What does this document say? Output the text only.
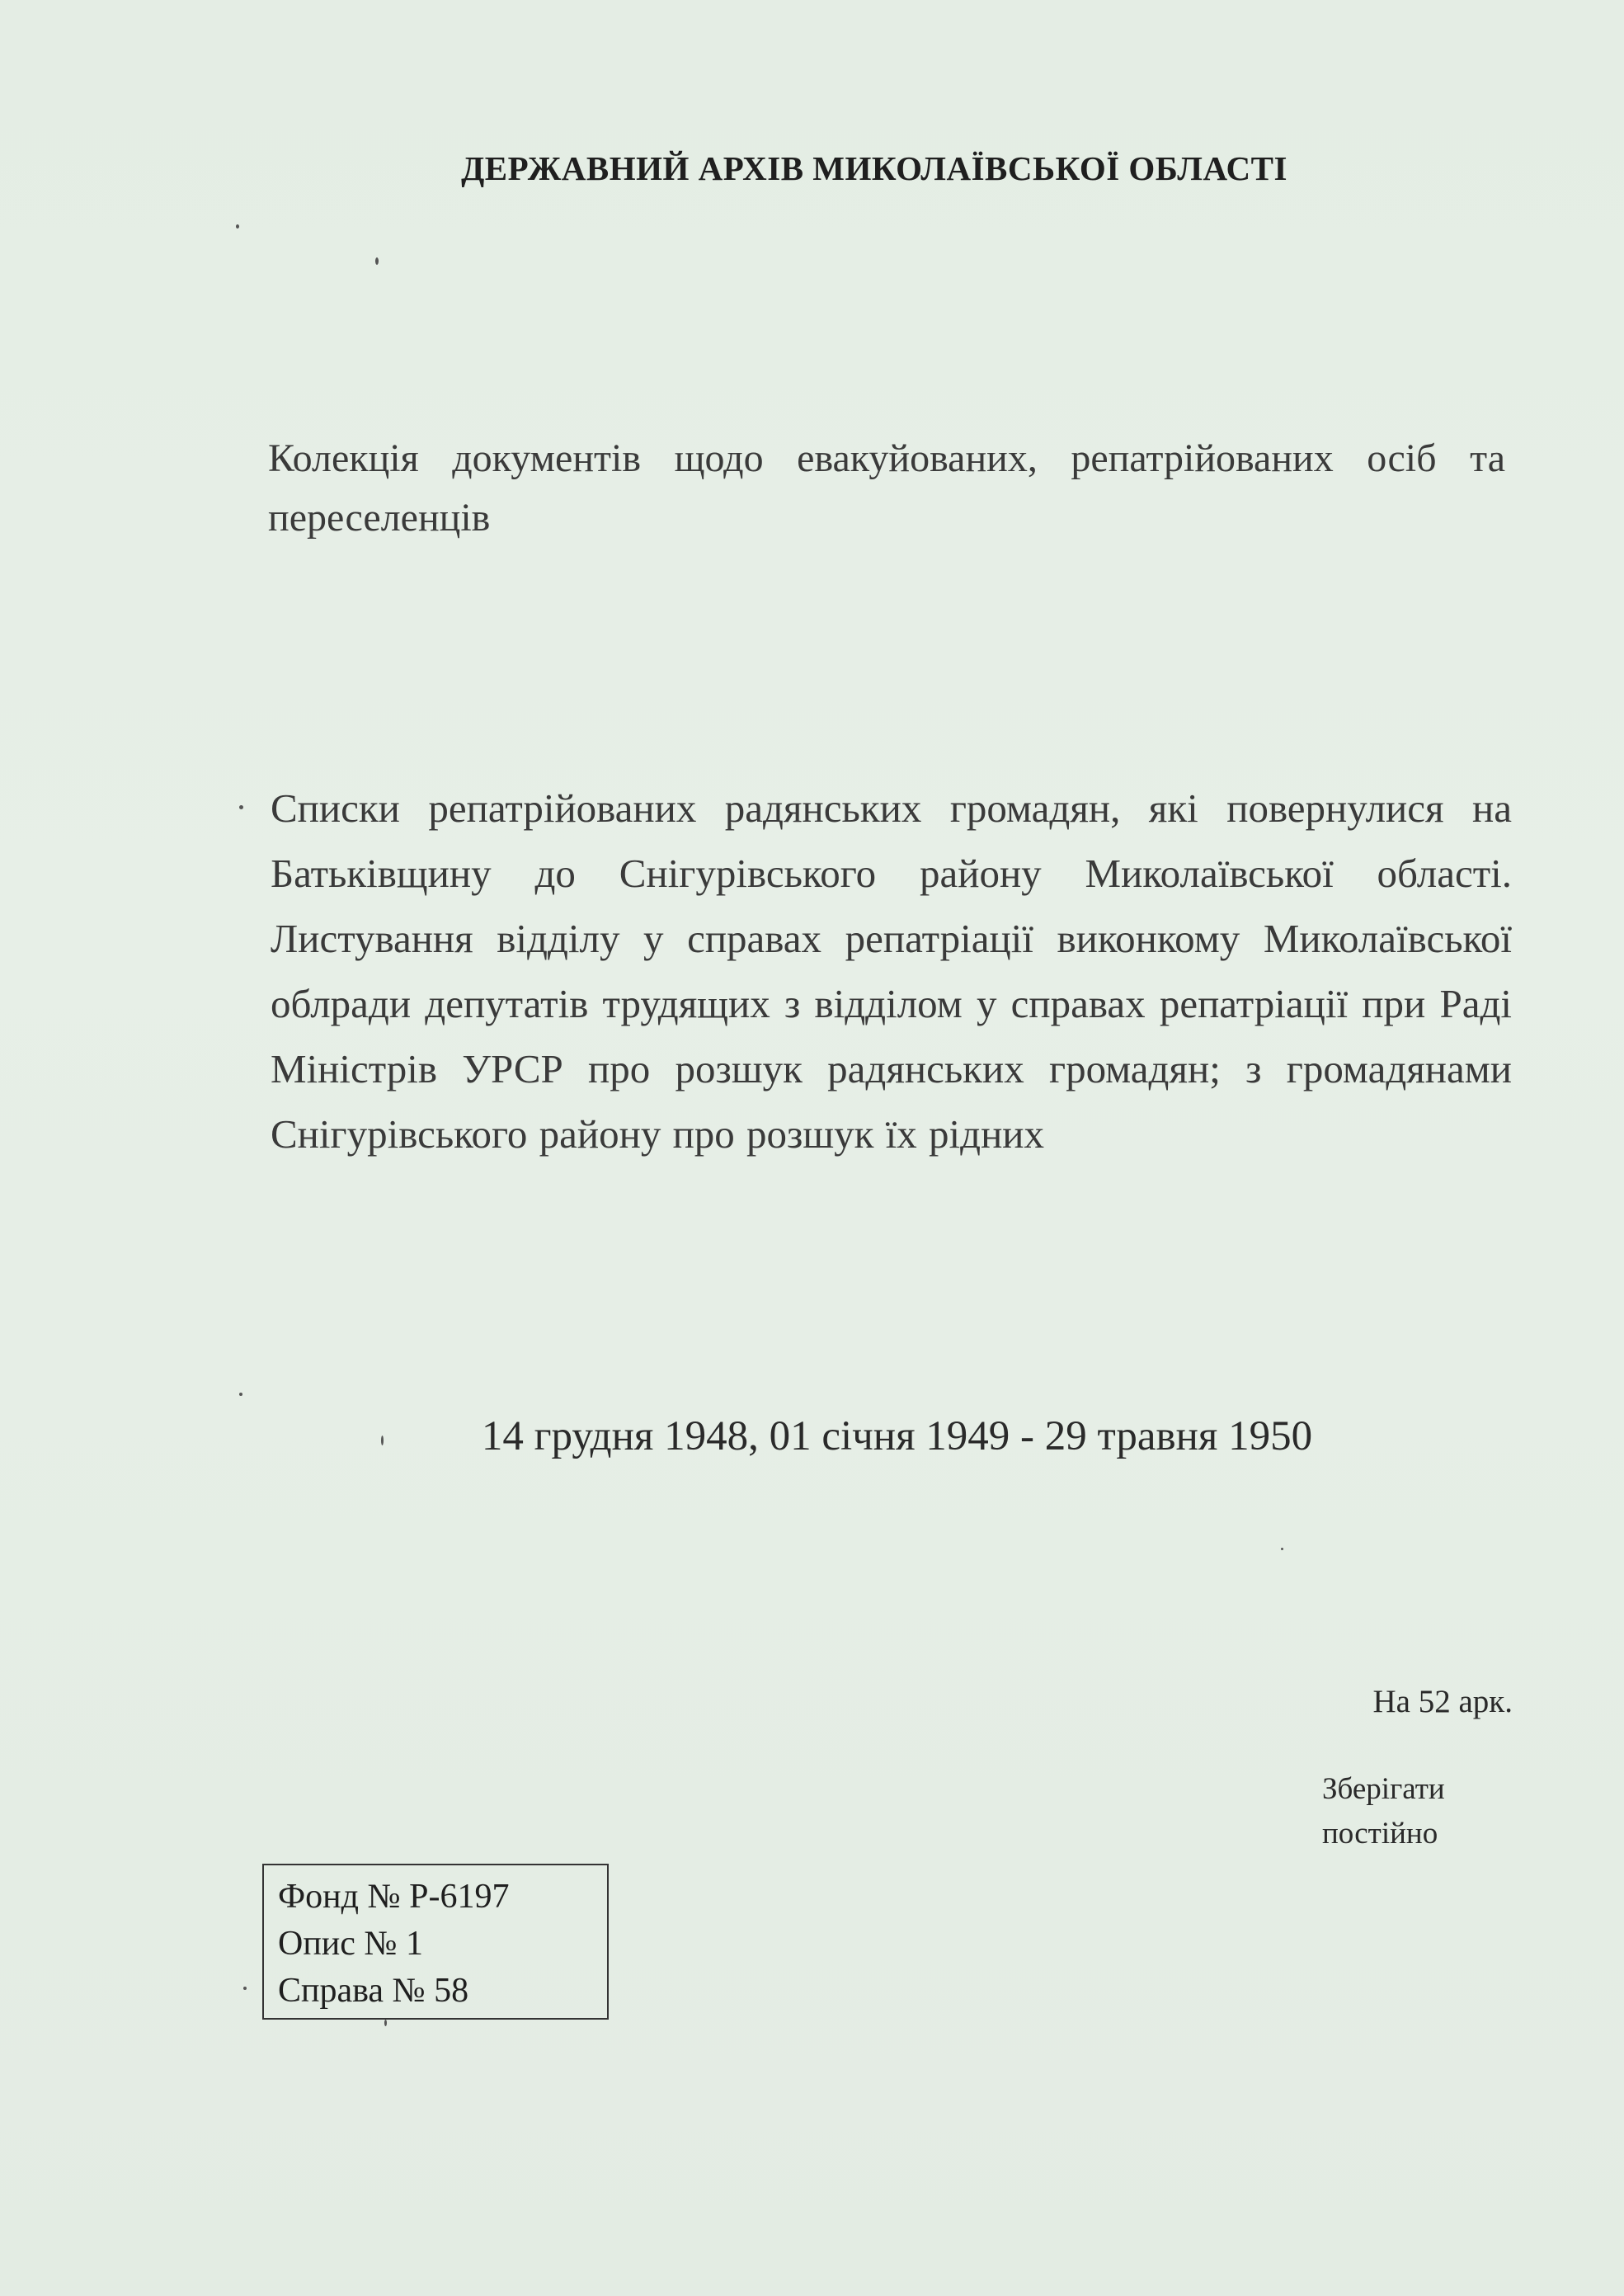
ДЕРЖАВНИЙ АРХІВ МИКОЛАЇВСЬКОЇ ОБЛАСТІ

Колекція документів щодо евакуйованих, репатрійованих осіб та переселенців

Списки репатрійованих радянських громадян, які повернулися на Батьківщину до Снігурівського району Миколаївської області. Листування відділу у справах репатріації виконкому Миколаївської облради депутатів трудящих з відділом у справах репатріації при Раді Міністрів УРСР про розшук радянських громадян; з громадянами Снігурівського району про розшук їх рідних

14 грудня 1948, 01 січня 1949 - 29 травня 1950

На 52 арк.

Зберігати
постійно

Фонд № Р-6197
Опис № 1
Справа № 58
